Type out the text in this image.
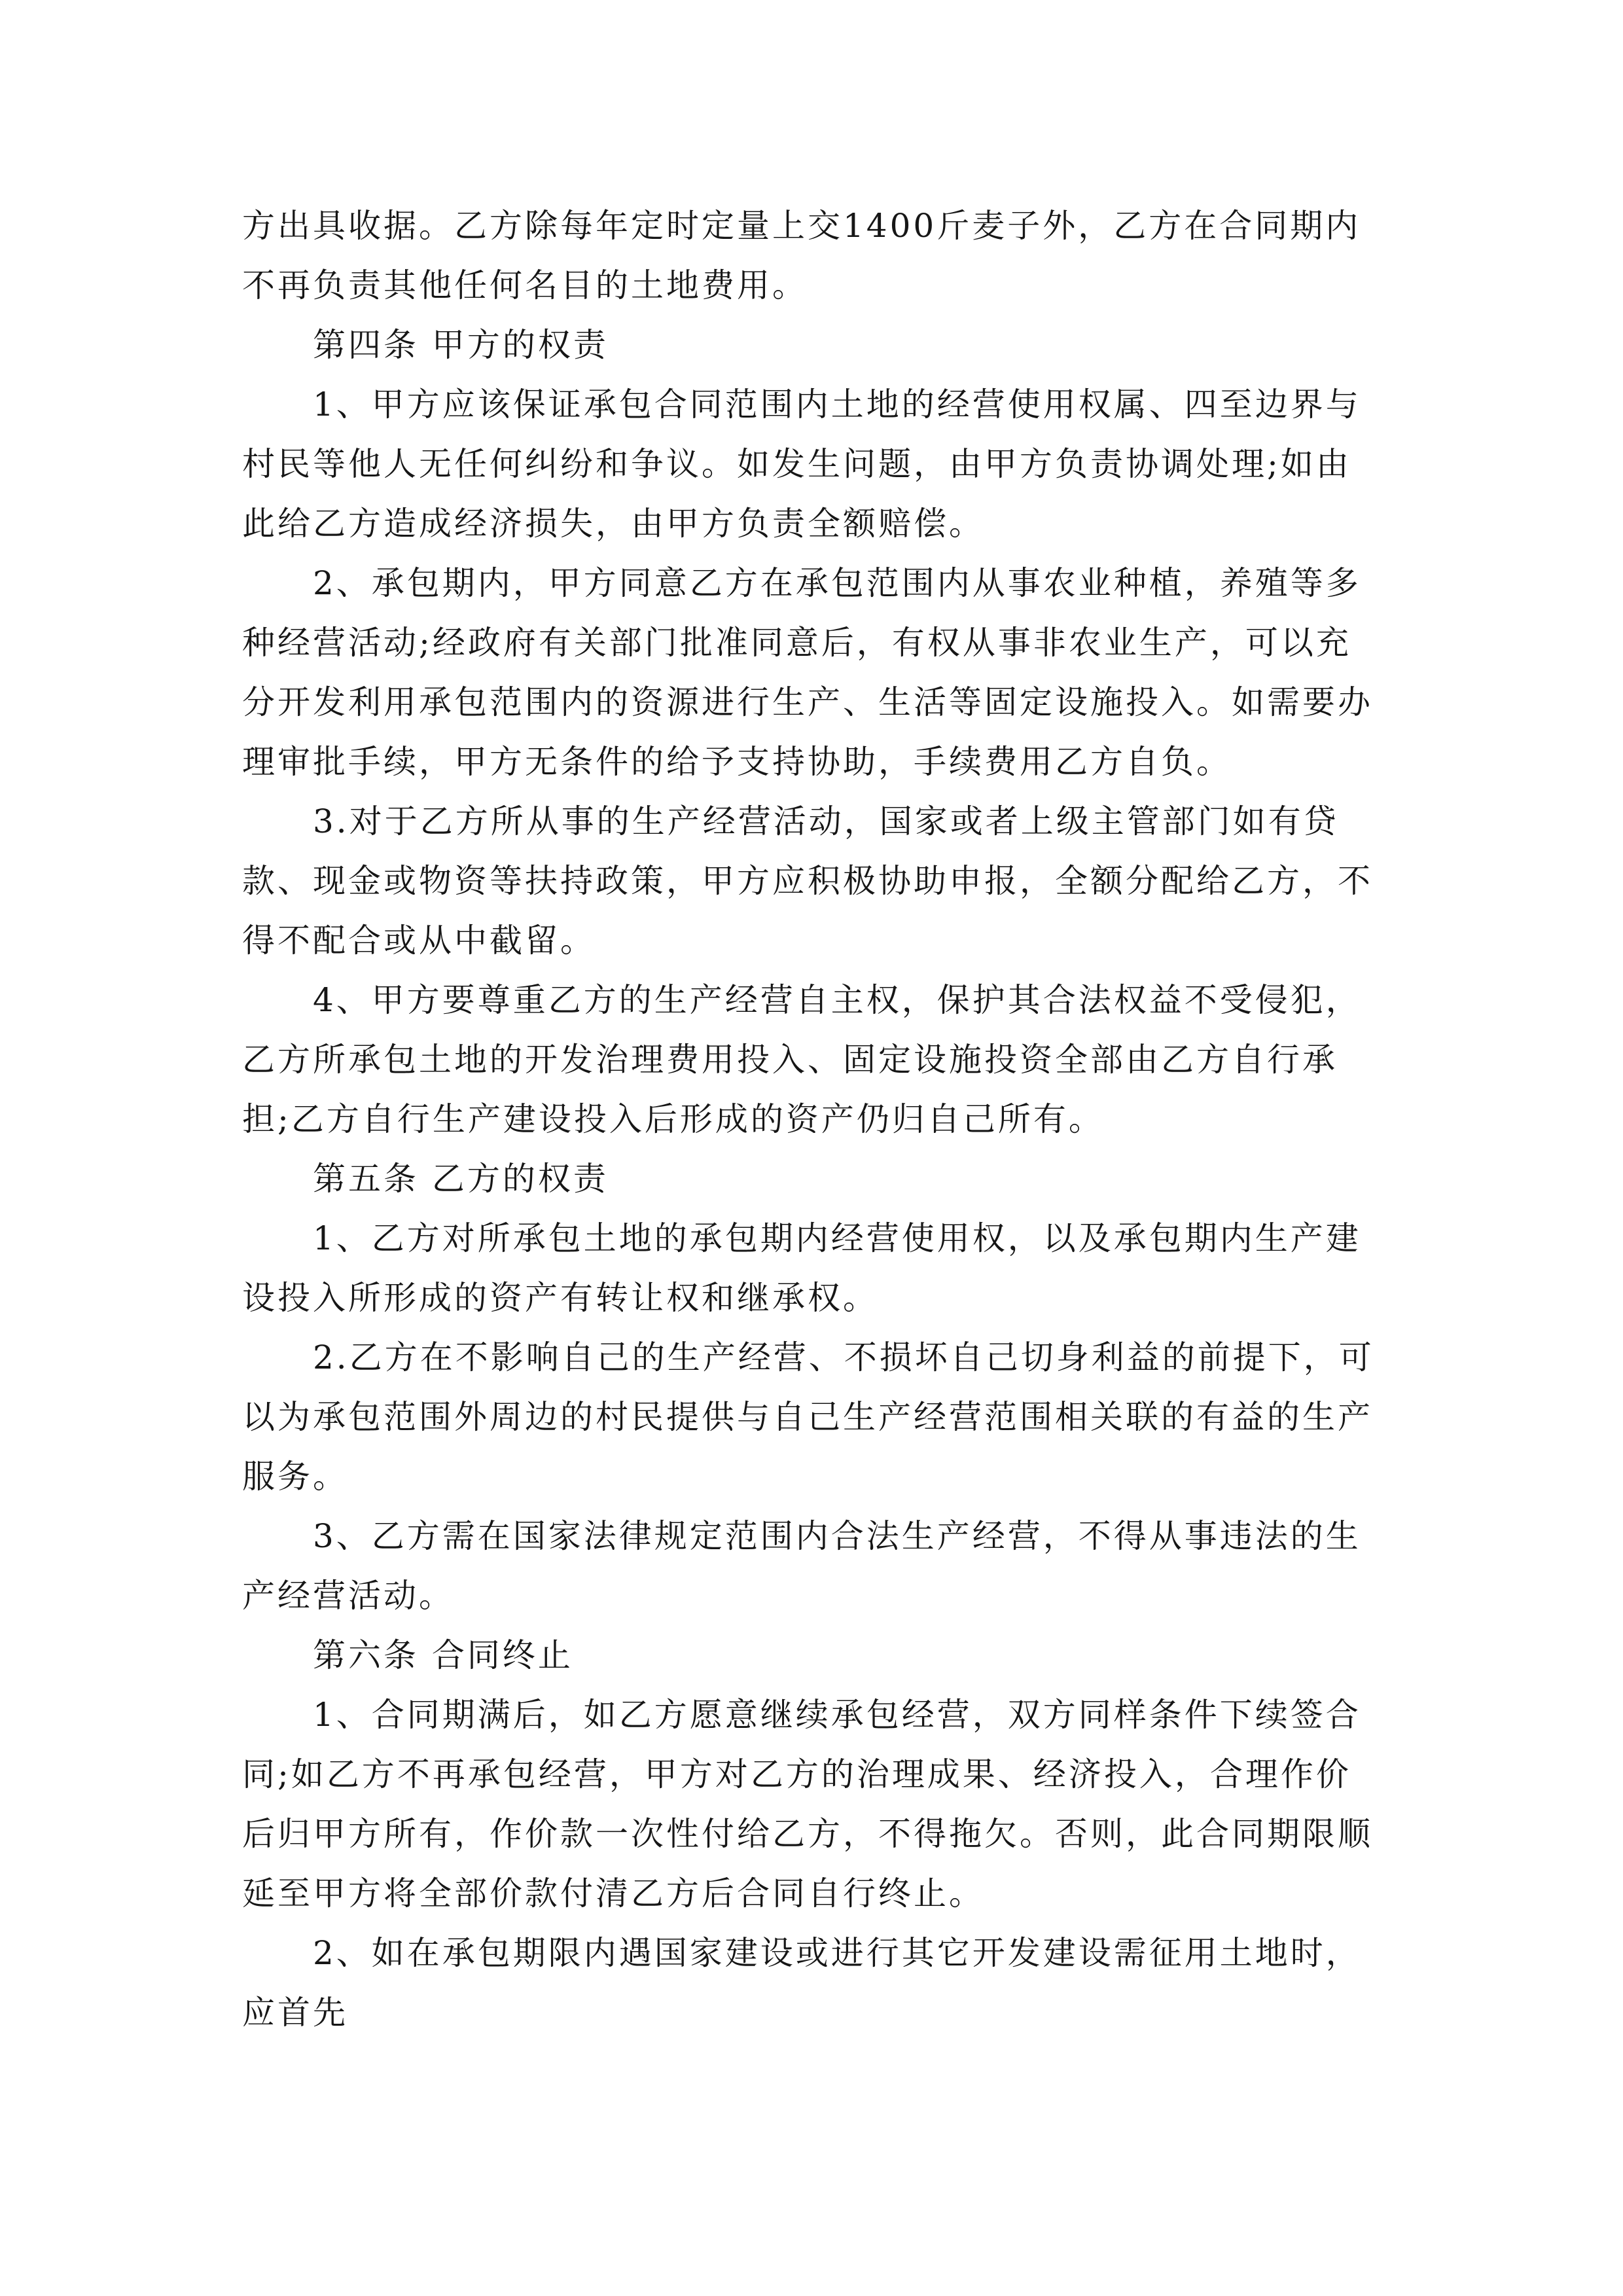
方出具收据。乙方除每年定时定量上交1400斤麦子外，乙方在合同期内不再负责其他任何名目的土地费用。

第四条 甲方的权责

1、甲方应该保证承包合同范围内土地的经营使用权属、四至边界与村民等他人无任何纠纷和争议。如发生问题，由甲方负责协调处理;如由此给乙方造成经济损失，由甲方负责全额赔偿。

2、承包期内，甲方同意乙方在承包范围内从事农业种植，养殖等多种经营活动;经政府有关部门批准同意后，有权从事非农业生产，可以充分开发利用承包范围内的资源进行生产、生活等固定设施投入。如需要办理审批手续，甲方无条件的给予支持协助，手续费用乙方自负。

3.对于乙方所从事的生产经营活动，国家或者上级主管部门如有贷款、现金或物资等扶持政策，甲方应积极协助申报，全额分配给乙方，不得不配合或从中截留。

4、甲方要尊重乙方的生产经营自主权，保护其合法权益不受侵犯，乙方所承包土地的开发治理费用投入、固定设施投资全部由乙方自行承担;乙方自行生产建设投入后形成的资产仍归自己所有。

第五条 乙方的权责

1、乙方对所承包土地的承包期内经营使用权，以及承包期内生产建设投入所形成的资产有转让权和继承权。

2.乙方在不影响自己的生产经营、不损坏自己切身利益的前提下，可以为承包范围外周边的村民提供与自己生产经营范围相关联的有益的生产服务。

3、乙方需在国家法律规定范围内合法生产经营，不得从事违法的生产经营活动。

第六条 合同终止

1、合同期满后，如乙方愿意继续承包经营，双方同样条件下续签合同;如乙方不再承包经营，甲方对乙方的治理成果、经济投入，合理作价后归甲方所有，作价款一次性付给乙方，不得拖欠。否则，此合同期限顺延至甲方将全部价款付清乙方后合同自行终止。

2、如在承包期限内遇国家建设或进行其它开发建设需征用土地时，应首先
